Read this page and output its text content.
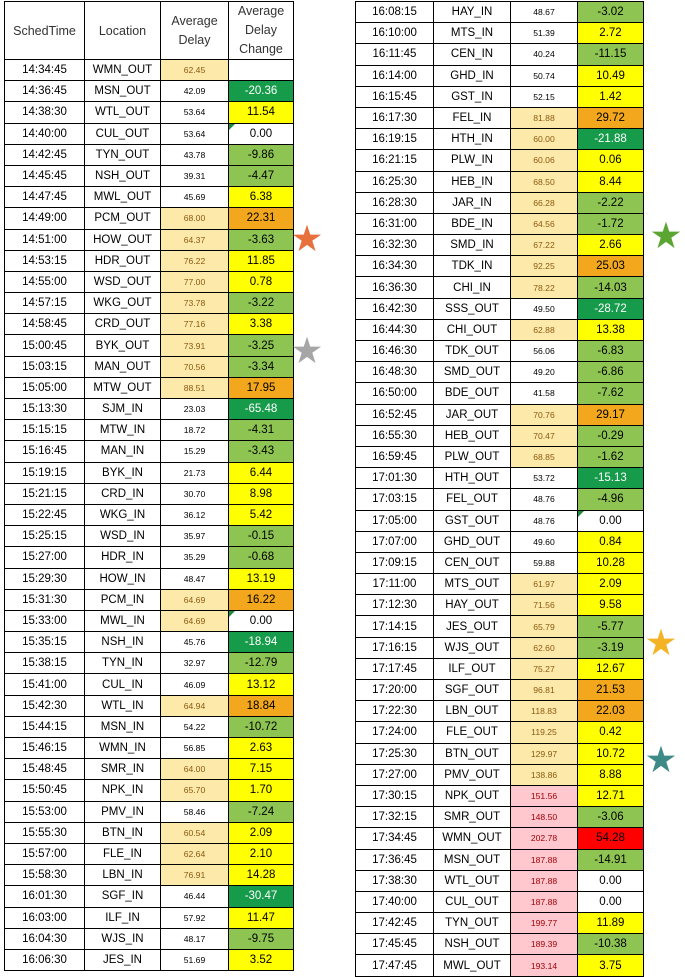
SchedTime	Location	Average Delay	Average Delay Change
14:34:45	WMN_OUT	62.45	
14:36:45	MSN_OUT	42.09	-20.36
14:38:30	WTL_OUT	53.64	11.54
14:40:00	CUL_OUT	53.64	0.00
14:42:45	TYN_OUT	43.78	-9.86
14:45:45	NSH_OUT	39.31	-4.47
14:47:45	MWL_OUT	45.69	6.38
14:49:00	PCM_OUT	68.00	22.31
14:51:00	HOW_OUT	64.37	-3.63
14:53:15	HDR_OUT	76.22	11.85
14:55:00	WSD_OUT	77.00	0.78
14:57:15	WKG_OUT	73.78	-3.22
14:58:45	CRD_OUT	77.16	3.38
15:00:45	BYK_OUT	73.91	-3.25
15:03:15	MAN_OUT	70.56	-3.34
15:05:00	MTW_OUT	88.51	17.95
15:13:30	SJM_IN	23.03	-65.48
15:15:15	MTW_IN	18.72	-4.31
15:16:45	MAN_IN	15.29	-3.43
15:19:15	BYK_IN	21.73	6.44
15:21:15	CRD_IN	30.70	8.98
15:22:45	WKG_IN	36.12	5.42
15:25:15	WSD_IN	35.97	-0.15
15:27:00	HDR_IN	35.29	-0.68
15:29:30	HOW_IN	48.47	13.19
15:31:30	PCM_IN	64.69	16.22
15:33:00	MWL_IN	64.69	0.00
15:35:15	NSH_IN	45.76	-18.94
15:38:15	TYN_IN	32.97	-12.79
15:41:00	CUL_IN	46.09	13.12
15:42:30	WTL_IN	64.94	18.84
15:44:15	MSN_IN	54.22	-10.72
15:46:15	WMN_IN	56.85	2.63
15:48:45	SMR_IN	64.00	7.15
15:50:45	NPK_IN	65.70	1.70
15:53:00	PMV_IN	58.46	-7.24
15:55:30	BTN_IN	60.54	2.09
15:57:00	FLE_IN	62.64	2.10
15:58:30	LBN_IN	76.91	14.28
16:01:30	SGF_IN	46.44	-30.47
16:03:00	ILF_IN	57.92	11.47
16:04:30	WJS_IN	48.17	-9.75
16:06:30	JES_IN	51.69	3.52
16:08:15	HAY_IN	48.67	-3.02
16:10:00	MTS_IN	51.39	2.72
16:11:45	CEN_IN	40.24	-11.15
16:14:00	GHD_IN	50.74	10.49
16:15:45	GST_IN	52.15	1.42
16:17:30	FEL_IN	81.88	29.72
16:19:15	HTH_IN	60.00	-21.88
16:21:15	PLW_IN	60.06	0.06
16:25:30	HEB_IN	68.50	8.44
16:28:30	JAR_IN	66.28	-2.22
16:31:00	BDE_IN	64.56	-1.72
16:32:30	SMD_IN	67.22	2.66
16:34:30	TDK_IN	92.25	25.03
16:36:30	CHI_IN	78.22	-14.03
16:42:30	SSS_OUT	49.50	-28.72
16:44:30	CHI_OUT	62.88	13.38
16:46:30	TDK_OUT	56.06	-6.83
16:48:30	SMD_OUT	49.20	-6.86
16:50:00	BDE_OUT	41.58	-7.62
16:52:45	JAR_OUT	70.76	29.17
16:55:30	HEB_OUT	70.47	-0.29
16:59:45	PLW_OUT	68.85	-1.62
17:01:30	HTH_OUT	53.72	-15.13
17:03:15	FEL_OUT	48.76	-4.96
17:05:00	GST_OUT	48.76	0.00
17:07:00	GHD_OUT	49.60	0.84
17:09:15	CEN_OUT	59.88	10.28
17:11:00	MTS_OUT	61.97	2.09
17:12:30	HAY_OUT	71.56	9.58
17:14:15	JES_OUT	65.79	-5.77
17:16:15	WJS_OUT	62.60	-3.19
17:17:45	ILF_OUT	75.27	12.67
17:20:00	SGF_OUT	96.81	21.53
17:22:30	LBN_OUT	118.83	22.03
17:24:00	FLE_OUT	119.25	0.42
17:25:30	BTN_OUT	129.97	10.72
17:27:00	PMV_OUT	138.86	8.88
17:30:15	NPK_OUT	151.56	12.71
17:32:15	SMR_OUT	148.50	-3.06
17:34:45	WMN_OUT	202.78	54.28
17:36:45	MSN_OUT	187.88	-14.91
17:38:30	WTL_OUT	187.88	0.00
17:40:00	CUL_OUT	187.88	0.00
17:42:45	TYN_OUT	199.77	11.89
17:45:45	NSH_OUT	189.39	-10.38
17:47:45	MWL_OUT	193.14	3.75
